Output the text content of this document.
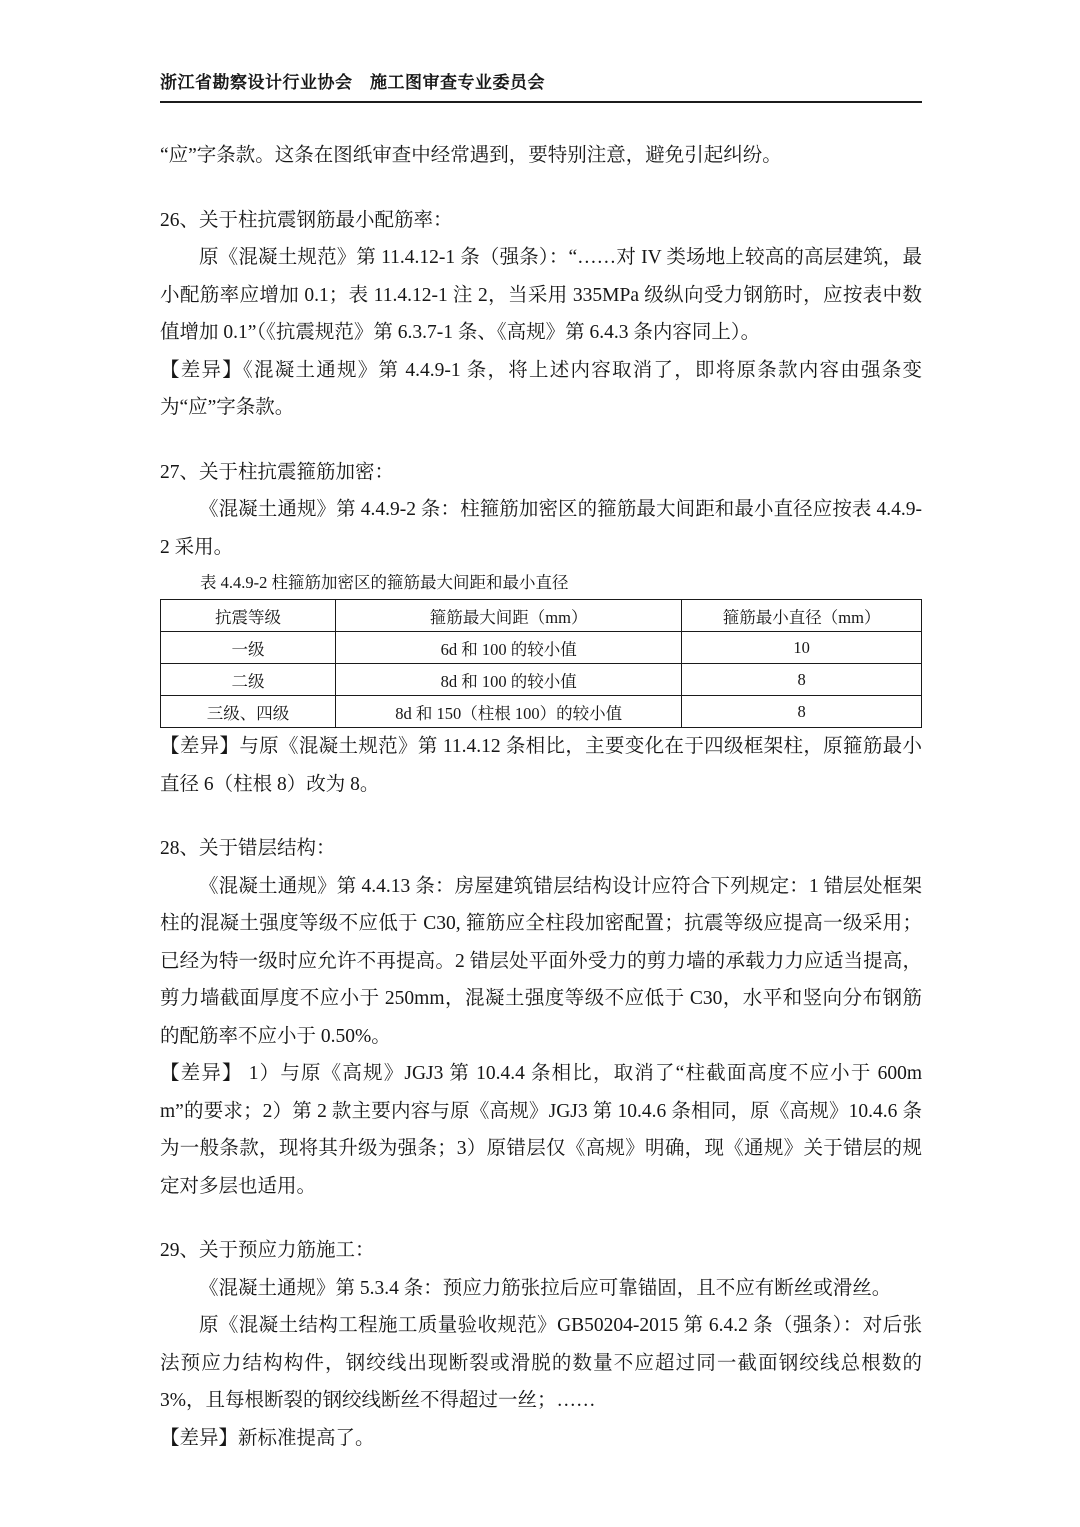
浙江省勘察设计行业协会　施工图审查专业委员会

“应”字条款。这条在图纸审查中经常遇到，要特别注意，避免引起纠纷。

26、关于柱抗震钢筋最小配筋率：

原《混凝土规范》第 11.4.12-1 条（强条）：“……对 IV 类场地上较高的高层建筑，最小配筋率应增加 0.1；表 11.4.12-1 注 2，当采用 335MPa 级纵向受力钢筋时，应按表中数值增加 0.1”（《抗震规范》第 6.3.7-1 条、《高规》第 6.4.3 条内容同上）。

【差异】《混凝土通规》第 4.4.9-1 条，将上述内容取消了，即将原条款内容由强条变为“应”字条款。

27、关于柱抗震箍筋加密：

《混凝土通规》第 4.4.9-2 条：柱箍筋加密区的箍筋最大间距和最小直径应按表 4.4.9-2 采用。

表 4.4.9-2 柱箍筋加密区的箍筋最大间距和最小直径

抗震等级	箍筋最大间距（mm）	箍筋最小直径（mm）
一级	6d 和 100 的较小值	10
二级	8d 和 100 的较小值	8
三级、四级	8d 和 150（柱根 100）的较小值	8

【差异】与原《混凝土规范》第 11.4.12 条相比，主要变化在于四级框架柱，原箍筋最小直径 6（柱根 8）改为 8。

28、关于错层结构：

《混凝土通规》第 4.4.13 条：房屋建筑错层结构设计应符合下列规定：1 错层处框架柱的混凝土强度等级不应低于 C30, 箍筋应全柱段加密配置；抗震等级应提高一级采用；已经为特一级时应允许不再提高。2 错层处平面外受力的剪力墙的承载力力应适当提高，剪力墙截面厚度不应小于 250mm，混凝土强度等级不应低于 C30，水平和竖向分布钢筋的配筋率不应小于 0.50%。

【差异】 1）与原《高规》JGJ3 第 10.4.4 条相比，取消了“柱截面高度不应小于 600mm”的要求；2）第 2 款主要内容与原《高规》JGJ3 第 10.4.6 条相同，原《高规》10.4.6 条为一般条款，现将其升级为强条；3）原错层仅《高规》明确，现《通规》关于错层的规定对多层也适用。

29、关于预应力筋施工：

《混凝土通规》第 5.3.4 条：预应力筋张拉后应可靠锚固，且不应有断丝或滑丝。

原《混凝土结构工程施工质量验收规范》GB50204-2015 第 6.4.2 条（强条）：对后张法预应力结构构件，钢绞线出现断裂或滑脱的数量不应超过同一截面钢绞线总根数的 3%，且每根断裂的钢绞线断丝不得超过一丝；……

【差异】新标准提高了。
